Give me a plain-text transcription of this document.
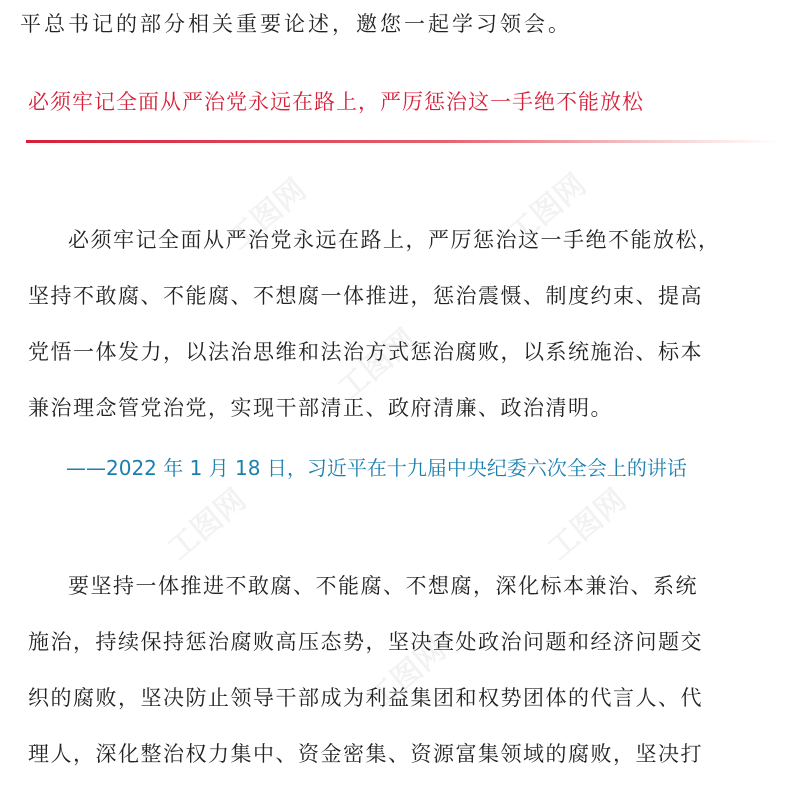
平总书记的部分相关重要论述，邀您一起学习领会。
必须牢记全面从严治党永远在路上，严厉惩治这一手绝不能放松
必须牢记全面从严治党永远在路上，严厉惩治这一手绝不能放松，
坚持不敢腐、不能腐、不想腐一体推进，惩治震慑、制度约束、提高
党悟一体发力，以法治思维和法治方式惩治腐败，以系统施治、标本
兼治理念管党治党，实现干部清正、政府清廉、政治清明。
——2022 年 1 月 18 日，习近平在十九届中央纪委六次全会上的讲话
要坚持一体推进不敢腐、不能腐、不想腐，深化标本兼治、系统
施治，持续保持惩治腐败高压态势，坚决查处政治问题和经济问题交
织的腐败，坚决防止领导干部成为利益集团和权势团体的代言人、代
理人，深化整治权力集中、资金密集、资源富集领域的腐败，坚决打
工图网	工图网
工图网
工图网	工图网
工图网
